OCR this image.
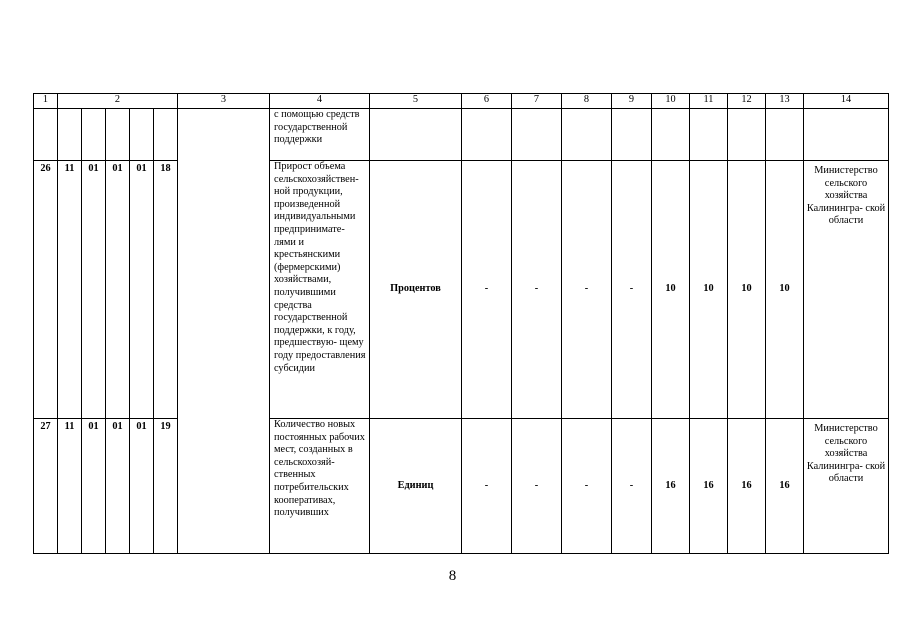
1	2					3	4	5	6	7	8	9	10	11	12	13	14
							с помощью средств государственной поддержки										
26	11	01	01	01	18		Прирост объема сельскохозяйствен- ной продукции, произведенной индивидуальными предпринимате- лями и крестьянскими (фермерскими) хозяйствами, получившими средства государственной поддержки, к году, предшествую- щему году предоставления субсидии	Процентов	-	-	-	-	10	10	10	10	Министерство сельского хозяйства Калинингра- ской области
27	11	01	01	01	19		Количество новых постоянных рабочих мест, созданных в сельскохозяй- ственных потребительских кооперативах, получивших	Единиц	-	-	-	-	16	16	16	16	Министерство сельского хозяйства Калинингра- ской области
8
